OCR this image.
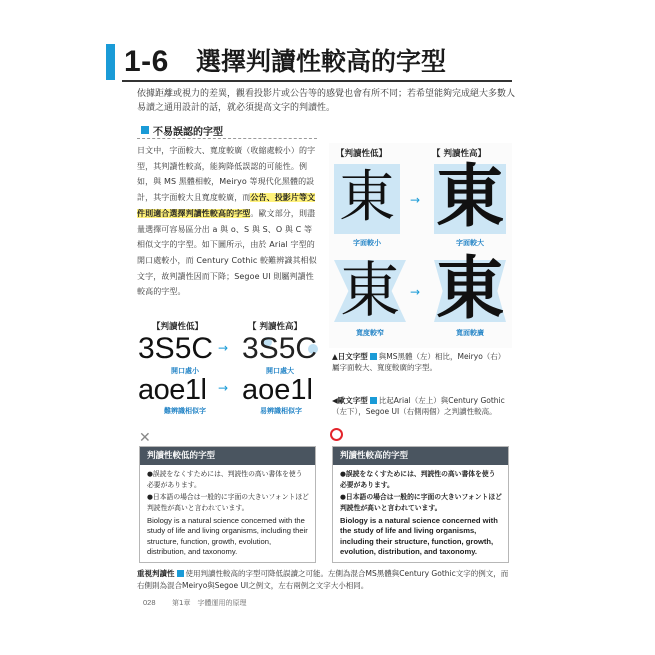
1-6 選擇判讀性較高的字型
依據距離或視力的差異，觀看投影片或公告等的感覺也會有所不同；若希望能夠完成絕大多數人易讀之通用設計的話，就必須提高文字的判讀性。
不易誤認的字型
日文中，字面較大、寬度較廣（收縮處較小）的字型，其判讀性較高，能夠降低誤認的可能性。例如，與 MS 黑體相較，Meiryo 等現代化黑體的設計，其字面較大且寬度較廣，而公告、投影片等文件則適合選擇判讀性較高的字型。歐文部分，則盡量選擇可容易區分出 a 與 o、S 與 S、O 與 C 等相似文字的字型。如下圖所示，由於 Arial 字型的開口處較小，而 Century Cothic 較難辨識其相似文字，故判讀性因而下降；Segoe UI 則屬判讀性較高的字型。
【判讀性低】	【 判讀性高】
東	→ 東
字面較小	字面較大
東 → 東
寬度較窄	寬面較廣
▲日文字型 與MS黑體（左）相比，Meiryo（右）屬字面較大、寬度較廣的字型。
【判讀性低】	【 判讀性高】
3S5C → 3S5C
開口處小	開口處大
aoe1l → aoe1l
難辨識相似字	易辨識相似字
◀歐文字型 比起Arial（左上）與Century Gothic（左下），Segoe UI（右側兩個）之判讀性較高。
✕
判讀性較低的字型
●誤読をなくすためには、判読性の高い書体を使う必要があります。
●日本語の場合は一般的に字面の大きいフォントほど判読性が高いと言われています。
Biology is a natural science concerned with the study of life and living organisms, including their structure, function, growth, evolution, distribution, and taxonomy.
判讀性較高的字型
●誤読をなくすためには、判読性の高い書体を使う必要があります。
●日本語の場合は一般的に字面の大きいフォントほど判読性が高いと言われています。
Biology is a natural science concerned with the study of life and living organisms, including their structure, function, growth, evolution, distribution, and taxonomy.
重視判讀性 使用判讀性較高的字型可降低誤讀之可能。左側為混合MS黑體與Century Gothic文字的例文，而右側則為混合Meiryo與Segoe UI之例文，左右兩例之文字大小相同。
028 第1章　字體運用的原理
